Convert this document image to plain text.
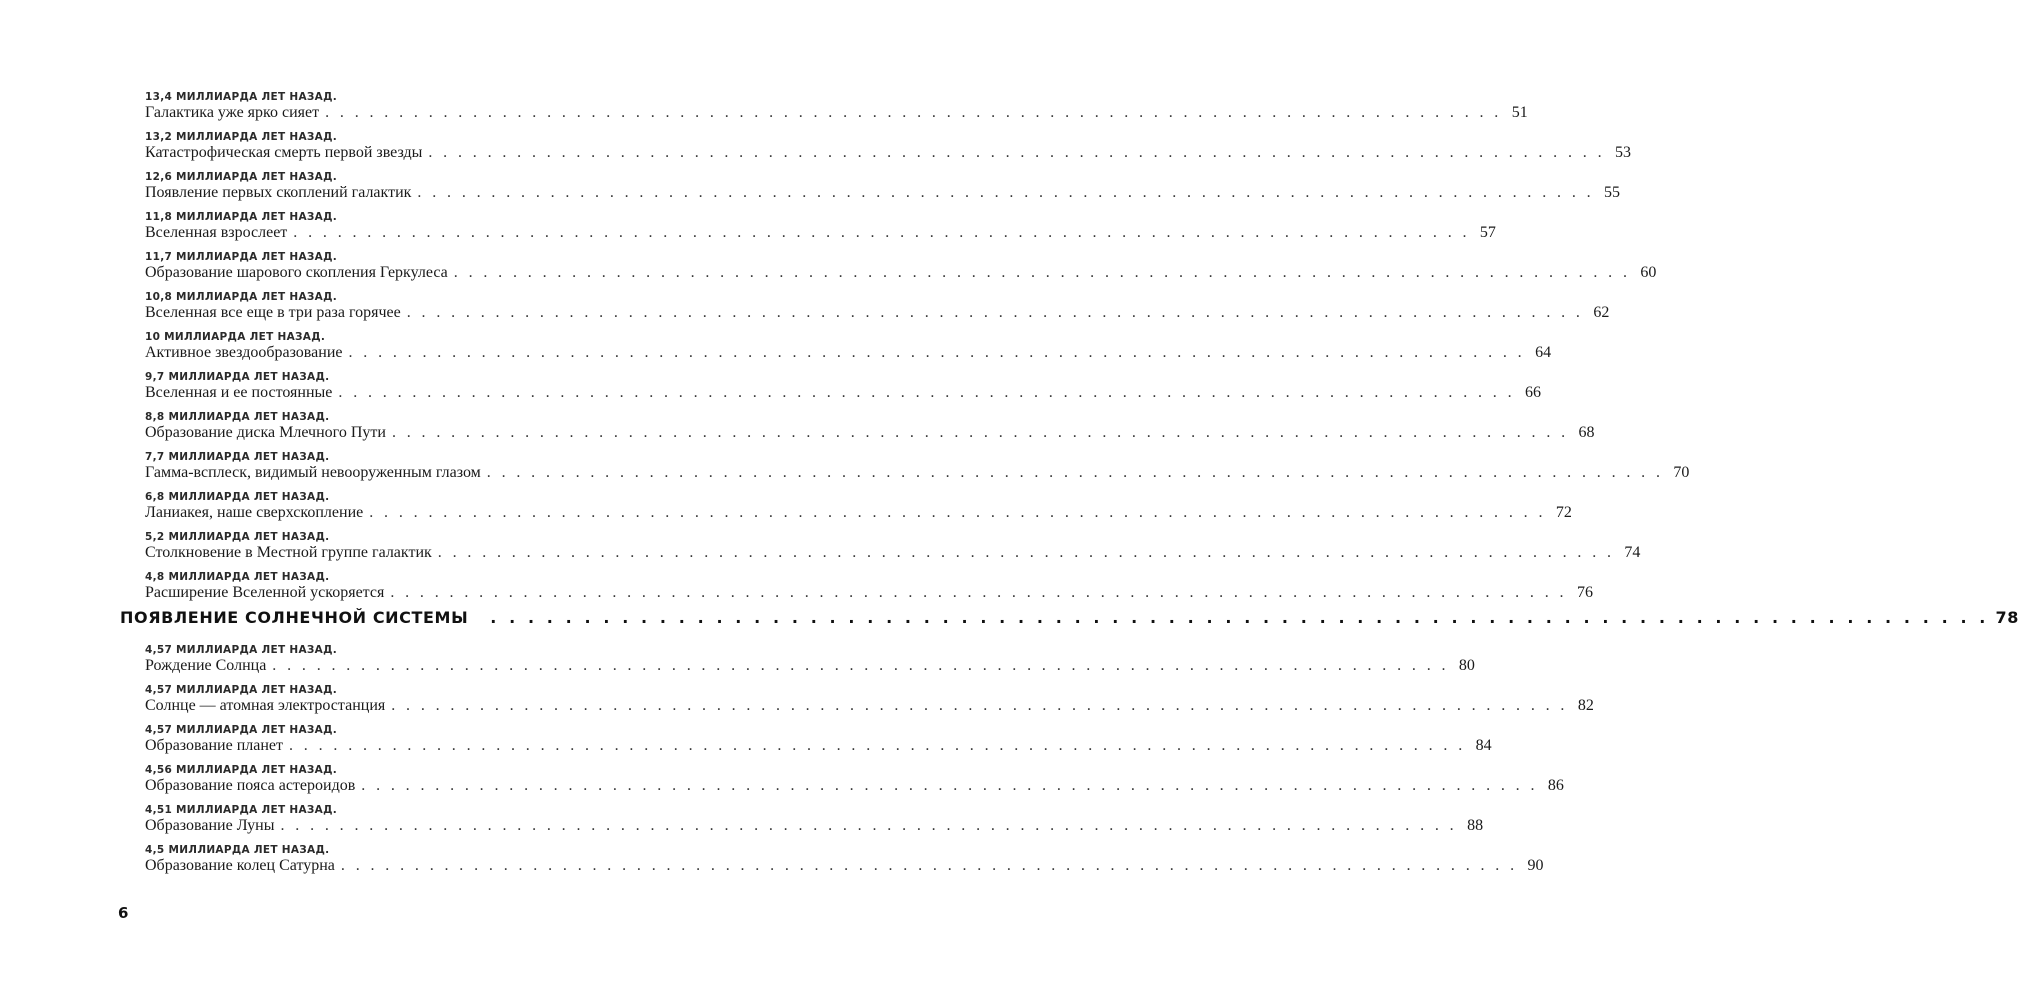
13,4 МИЛЛИАРДА ЛЕТ НАЗАД.
Галактика уже ярко сияет . . . . . . . . . . . . . . . . . . . . . . . . . . . . . . . . . . . . . . . . . . . . . . . . . . . . . . . . . . . . . . . . . . . . . . . . . . . . . . . . 51
13,2 МИЛЛИАРДА ЛЕТ НАЗАД.
Катастрофическая смерть первой звезды . . . . . . . . . . . . . . . . . . . . . . . . . . . . . . . . . . . . . . . . . . . . . . . . . . . . . . . . . . . . . . . . . . . . . . . . . . . . . . . . 53
12,6 МИЛЛИАРДА ЛЕТ НАЗАД.
Появление первых скоплений галактик . . . . . . . . . . . . . . . . . . . . . . . . . . . . . . . . . . . . . . . . . . . . . . . . . . . . . . . . . . . . . . . . . . . . . . . . . . . . . . . . 55
11,8 МИЛЛИАРДА ЛЕТ НАЗАД.
Вселенная взрослеет . . . . . . . . . . . . . . . . . . . . . . . . . . . . . . . . . . . . . . . . . . . . . . . . . . . . . . . . . . . . . . . . . . . . . . . . . . . . . . . . 57
11,7 МИЛЛИАРДА ЛЕТ НАЗАД.
Образование шарового скопления Геркулеса . . . . . . . . . . . . . . . . . . . . . . . . . . . . . . . . . . . . . . . . . . . . . . . . . . . . . . . . . . . . . . . . . . . . . . . . . . . . . . . . 60
10,8 МИЛЛИАРДА ЛЕТ НАЗАД.
Вселенная все еще в три раза горячее . . . . . . . . . . . . . . . . . . . . . . . . . . . . . . . . . . . . . . . . . . . . . . . . . . . . . . . . . . . . . . . . . . . . . . . . . . . . . . . . 62
10 МИЛЛИАРДА ЛЕТ НАЗАД.
Активное звездообразование . . . . . . . . . . . . . . . . . . . . . . . . . . . . . . . . . . . . . . . . . . . . . . . . . . . . . . . . . . . . . . . . . . . . . . . . . . . . . . . . 64
9,7 МИЛЛИАРДА ЛЕТ НАЗАД.
Вселенная и ее постоянные . . . . . . . . . . . . . . . . . . . . . . . . . . . . . . . . . . . . . . . . . . . . . . . . . . . . . . . . . . . . . . . . . . . . . . . . . . . . . . . . 66
8,8 МИЛЛИАРДА ЛЕТ НАЗАД.
Образование диска Млечного Пути . . . . . . . . . . . . . . . . . . . . . . . . . . . . . . . . . . . . . . . . . . . . . . . . . . . . . . . . . . . . . . . . . . . . . . . . . . . . . . . . 68
7,7 МИЛЛИАРДА ЛЕТ НАЗАД.
Гамма-всплеск, видимый невооруженным глазом . . . . . . . . . . . . . . . . . . . . . . . . . . . . . . . . . . . . . . . . . . . . . . . . . . . . . . . . . . . . . . . . . . . . . . . . . . . . . . . . 70
6,8 МИЛЛИАРДА ЛЕТ НАЗАД.
Ланиакея, наше сверхскопление . . . . . . . . . . . . . . . . . . . . . . . . . . . . . . . . . . . . . . . . . . . . . . . . . . . . . . . . . . . . . . . . . . . . . . . . . . . . . . . . 72
5,2 МИЛЛИАРДА ЛЕТ НАЗАД.
Столкновение в Местной группе галактик . . . . . . . . . . . . . . . . . . . . . . . . . . . . . . . . . . . . . . . . . . . . . . . . . . . . . . . . . . . . . . . . . . . . . . . . . . . . . . . . 74
4,8 МИЛЛИАРДА ЛЕТ НАЗАД.
Расширение Вселенной ускоряется . . . . . . . . . . . . . . . . . . . . . . . . . . . . . . . . . . . . . . . . . . . . . . . . . . . . . . . . . . . . . . . . . . . . . . . . . . . . . . . . 76
ПОЯВЛЕНИЕ СОЛНЕЧНОЙ СИСТЕМЫ . . . . . . . . . . . . . . . . . . . . . . . . . . . . . . . . . . . . . . . . . . . . . . . . . . . . . . . . . . . . . . . . . . . . . . . . . . . . . . . . 78
4,57 МИЛЛИАРДА ЛЕТ НАЗАД.
Рождение Солнца . . . . . . . . . . . . . . . . . . . . . . . . . . . . . . . . . . . . . . . . . . . . . . . . . . . . . . . . . . . . . . . . . . . . . . . . . . . . . . . . 80
4,57 МИЛЛИАРДА ЛЕТ НАЗАД.
Солнце — атомная электростанция . . . . . . . . . . . . . . . . . . . . . . . . . . . . . . . . . . . . . . . . . . . . . . . . . . . . . . . . . . . . . . . . . . . . . . . . . . . . . . . . 82
4,57 МИЛЛИАРДА ЛЕТ НАЗАД.
Образование планет . . . . . . . . . . . . . . . . . . . . . . . . . . . . . . . . . . . . . . . . . . . . . . . . . . . . . . . . . . . . . . . . . . . . . . . . . . . . . . . . 84
4,56 МИЛЛИАРДА ЛЕТ НАЗАД.
Образование пояса астероидов . . . . . . . . . . . . . . . . . . . . . . . . . . . . . . . . . . . . . . . . . . . . . . . . . . . . . . . . . . . . . . . . . . . . . . . . . . . . . . . . 86
4,51 МИЛЛИАРДА ЛЕТ НАЗАД.
Образование Луны . . . . . . . . . . . . . . . . . . . . . . . . . . . . . . . . . . . . . . . . . . . . . . . . . . . . . . . . . . . . . . . . . . . . . . . . . . . . . . . . 88
4,5 МИЛЛИАРДА ЛЕТ НАЗАД.
Образование колец Сатурна . . . . . . . . . . . . . . . . . . . . . . . . . . . . . . . . . . . . . . . . . . . . . . . . . . . . . . . . . . . . . . . . . . . . . . . . . . . . . . . . 90
6
